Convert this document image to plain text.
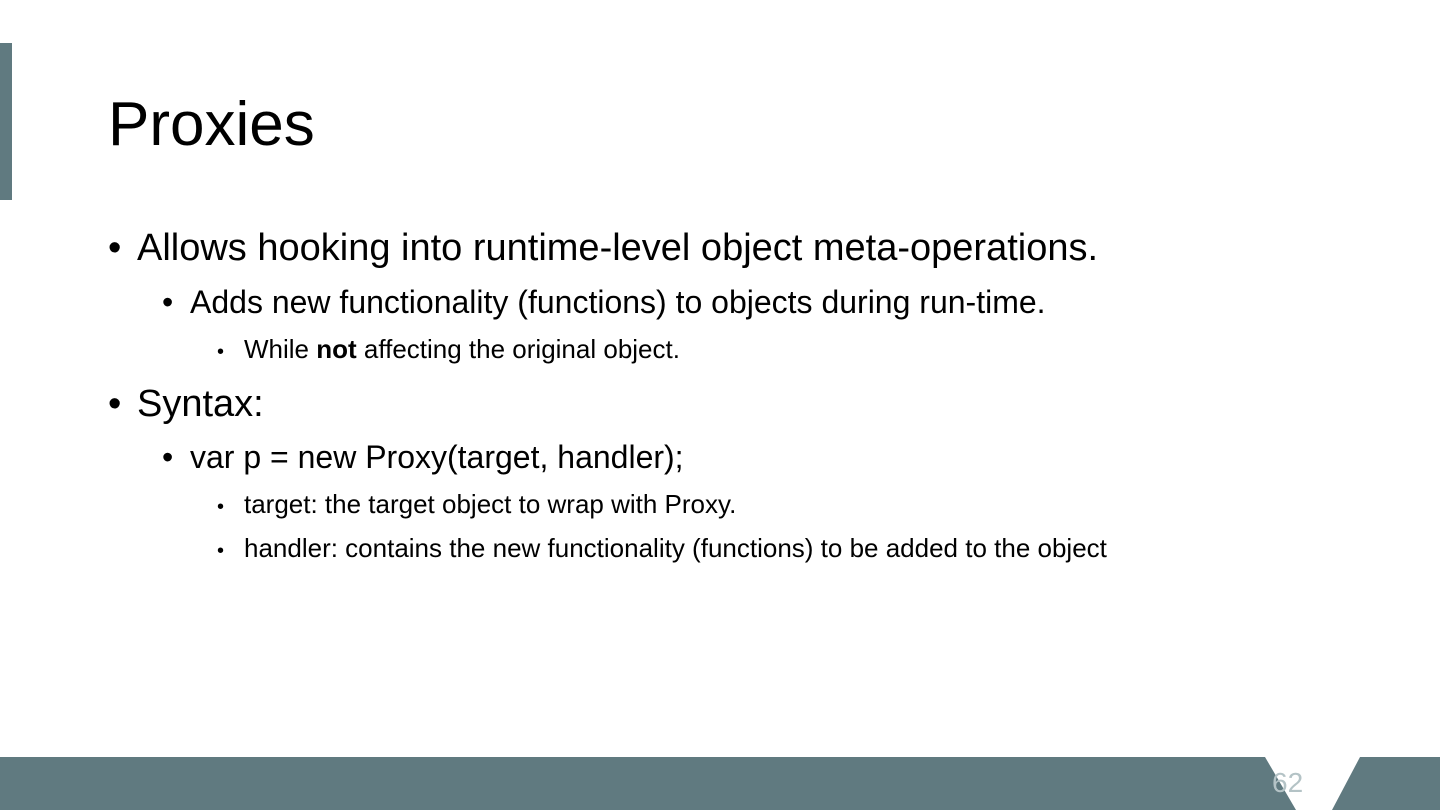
Proxies
• Allows hooking into runtime-level object meta-operations.
• Adds new functionality (functions) to objects during run-time.
• While not affecting the original object.
• Syntax:
• var p = new Proxy(target, handler);
• target: the target object to wrap with Proxy.
• handler: contains the new functionality (functions) to be added to the object
62
